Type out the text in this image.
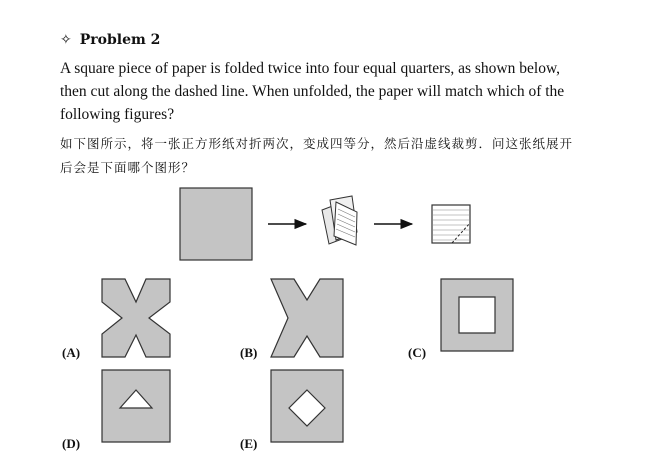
✧ Problem 2
A square piece of paper is folded twice into four equal quarters, as shown below, then cut along the dashed line. When unfolded, the paper will match which of the following figures?
如下图所示，将一张正方形纸对折两次，变成四等分，然后沿虚线裁剪．问这张纸展开后会是下面哪个图形？
(A)	(B)	(C)
(D)	(E)
